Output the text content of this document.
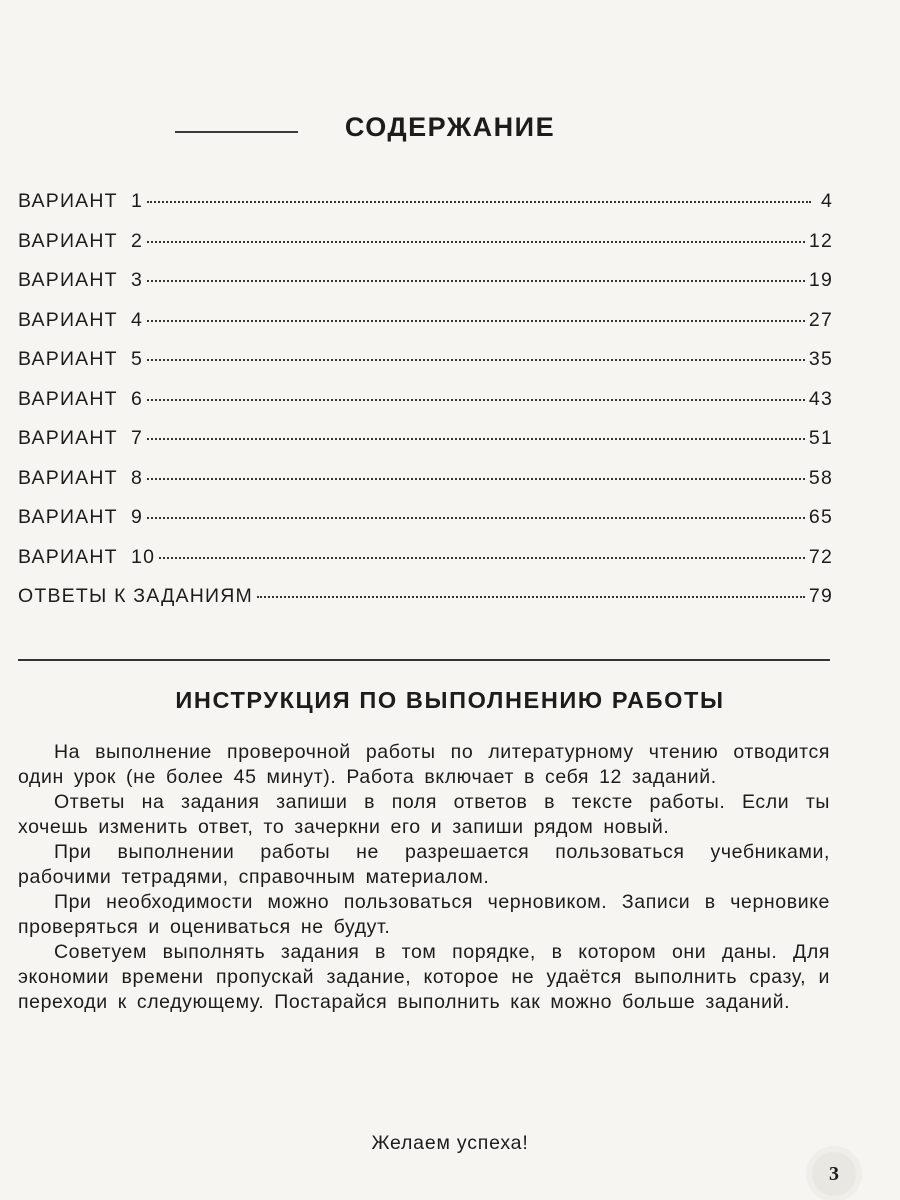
СОДЕРЖАНИЕ
ВАРИАНТ  1	4
ВАРИАНТ  2	12
ВАРИАНТ  3	19
ВАРИАНТ  4	27
ВАРИАНТ  5	35
ВАРИАНТ  6	43
ВАРИАНТ  7	51
ВАРИАНТ  8	58
ВАРИАНТ  9	65
ВАРИАНТ  10	72
ОТВЕТЫ К ЗАДАНИЯМ	79
ИНСТРУКЦИЯ ПО ВЫПОЛНЕНИЮ РАБОТЫ

На выполнение проверочной работы по литературному чтению отводится один урок (не более 45 минут). Работа включает в себя 12 заданий.

Ответы на задания запиши в поля ответов в тексте работы. Если ты хочешь изменить ответ, то зачеркни его и запиши рядом новый.

При выполнении работы не разрешается пользоваться учебниками, рабочими тетрадями, справочным материалом.

При необходимости можно пользоваться черновиком. Записи в черновике проверяться и оцениваться не будут.

Советуем выполнять задания в том порядке, в котором они даны. Для экономии времени пропускай задание, которое не удаётся выполнить сразу, и переходи к следующему. Постарайся выполнить как можно больше заданий.

Желаем успеха!
3
